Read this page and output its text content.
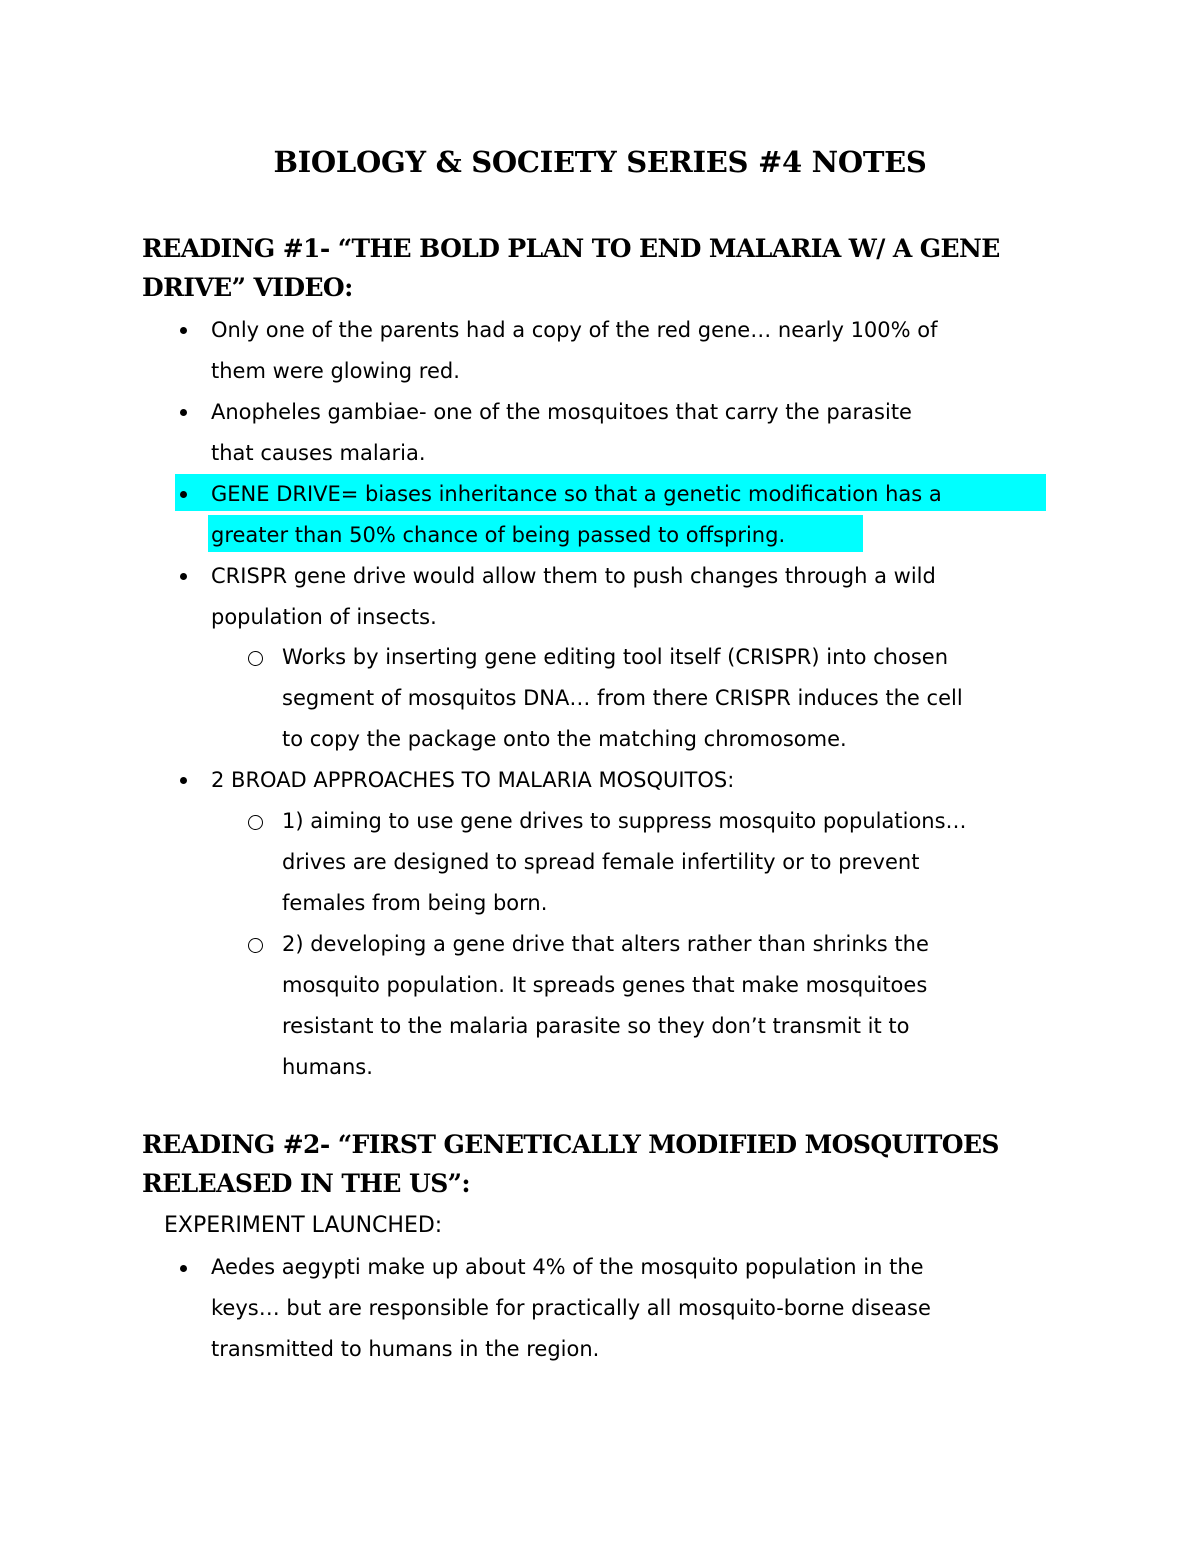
BIOLOGY & SOCIETY SERIES #4 NOTES
READING #1- “THE BOLD PLAN TO END MALARIA W/ A GENE
DRIVE” VIDEO:
Only one of the parents had a copy of the red gene… nearly 100% of
them were glowing red.
Anopheles gambiae- one of the mosquitoes that carry the parasite
that causes malaria.
GENE DRIVE= biases inheritance so that a genetic modification has a
greater than 50% chance of being passed to offspring.
CRISPR gene drive would allow them to push changes through a wild
population of insects.
Works by inserting gene editing tool itself (CRISPR) into chosen
segment of mosquitos DNA… from there CRISPR induces the cell
to copy the package onto the matching chromosome.
2 BROAD APPROACHES TO MALARIA MOSQUITOS:
1) aiming to use gene drives to suppress mosquito populations…
drives are designed to spread female infertility or to prevent
females from being born.
2) developing a gene drive that alters rather than shrinks the
mosquito population. It spreads genes that make mosquitoes
resistant to the malaria parasite so they don’t transmit it to
humans.
READING #2- “FIRST GENETICALLY MODIFIED MOSQUITOES
RELEASED IN THE US”:
EXPERIMENT LAUNCHED:
Aedes aegypti make up about 4% of the mosquito population in the
keys… but are responsible for practically all mosquito-borne disease
transmitted to humans in the region.
